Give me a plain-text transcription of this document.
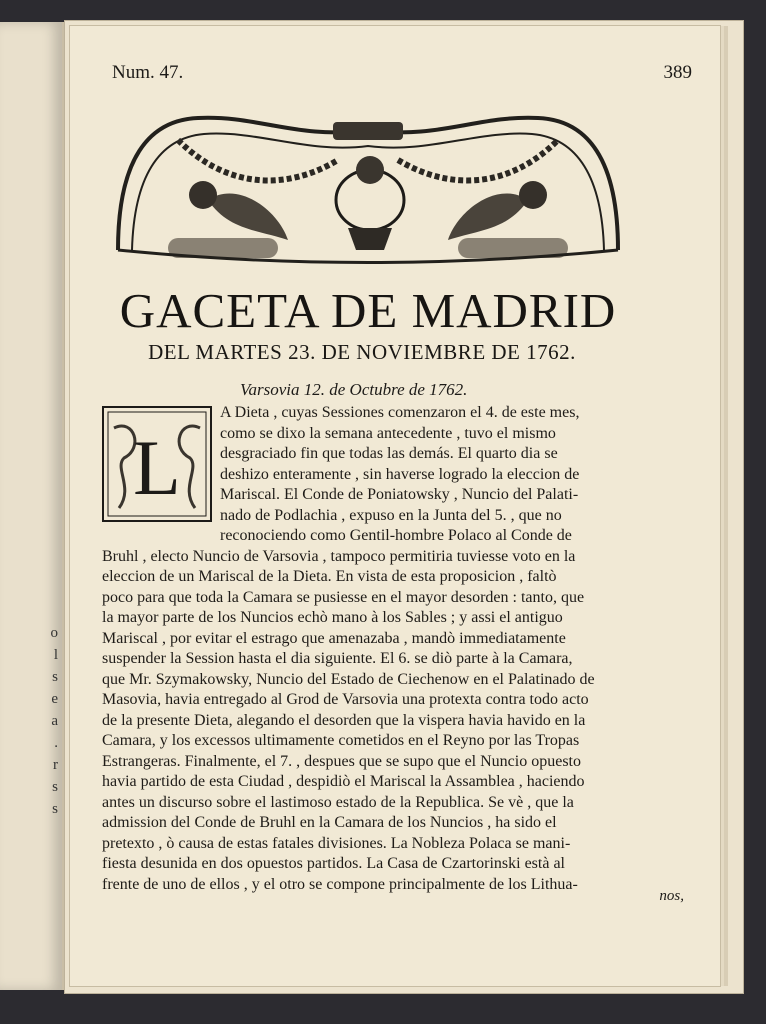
o
l
s
e
a
.
r
s
s
Num. 47.	389
GACETA DE MADRID
DEL MARTES 23. DE NOVIEMBRE DE 1762.
Varsovia 12. de Octubre de 1762.
L
A Dieta , cuyas Sessiones comenzaron el 4. de este mes,
como se dixo la semana antecedente , tuvo el mismo
desgraciado fin que todas las demás. El quarto dia se
deshizo enteramente , sin haverse logrado la eleccion de
Mariscal. El Conde de Poniatowsky , Nuncio del Palati-
nado de Podlachia , expuso en la Junta del 5. , que no
reconociendo como Gentil-hombre Polaco al Conde de
Bruhl , electo Nuncio de Varsovia , tampoco permitiria tuviesse voto en la
eleccion de un Mariscal de la Dieta. En vista de esta proposicion , faltò
poco para que toda la Camara se pusiesse en el mayor desorden : tanto, que
la mayor parte de los Nuncios echò mano à los Sables ; y assi el antiguo
Mariscal , por evitar el estrago que amenazaba , mandò immediatamente
suspender la Session hasta el dia siguiente. El 6. se diò parte à la Camara,
que Mr. Szymakowsky, Nuncio del Estado de Ciechenow en el Palatinado de
Masovia, havia entregado al Grod de Varsovia una protexta contra todo acto
de la presente Dieta, alegando el desorden que la vispera havia havido en la
Camara, y los excessos ultimamente cometidos en el Reyno por las Tropas
Estrangeras. Finalmente, el 7. , despues que se supo que el Nuncio opuesto
havia partido de esta Ciudad , despidiò el Mariscal la Assamblea , haciendo
antes un discurso sobre el lastimoso estado de la Republica. Se vè , que la
admission del Conde de Bruhl en la Camara de los Nuncios , ha sido el
pretexto , ò causa de estas fatales divisiones. La Nobleza Polaca se mani-
fiesta desunida en dos opuestos partidos. La Casa de Czartorinski està al
frente de uno de ellos , y el otro se compone principalmente de los Lithua-
nos,
